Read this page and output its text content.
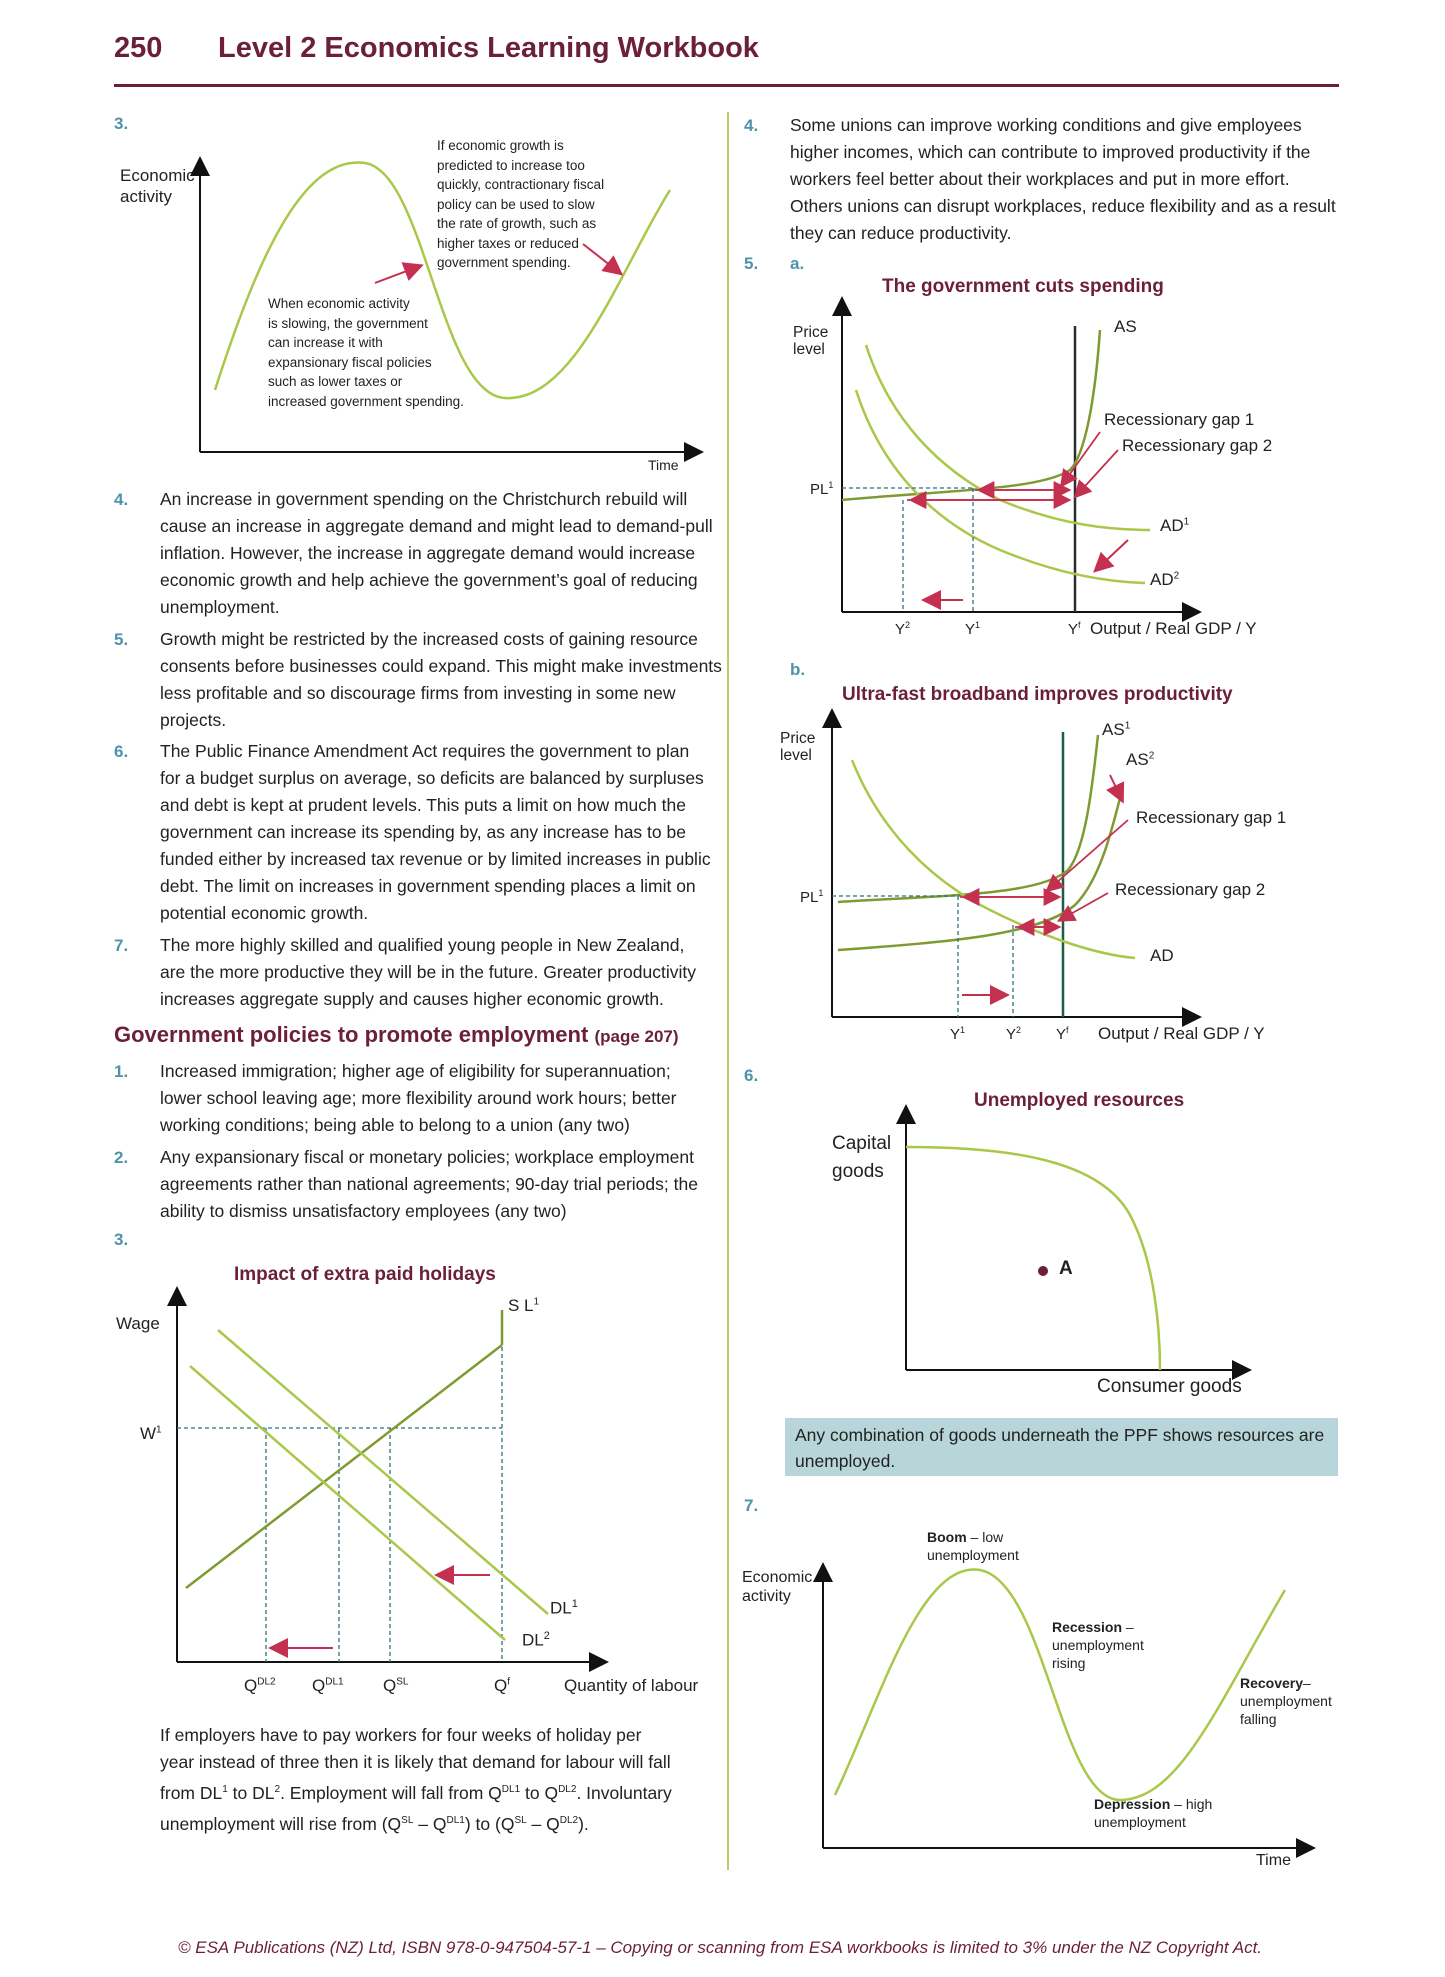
250 Level 2 Economics Learning Workbook
3.
Economic
activity
If economic growth is
predicted to increase too
quickly, contractionary fiscal
policy can be used to slow
the rate of growth, such as
higher taxes or reduced
government spending.
When economic activity
is slowing, the government
can increase it with
expansionary fiscal policies
such as lower taxes or
increased government spending.
Time
4. An increase in government spending on the Christchurch rebuild will
cause an increase in aggregate demand and might lead to demand-pull
inflation. However, the increase in aggregate demand would increase
economic growth and help achieve the government’s goal of reducing
unemployment.
5. Growth might be restricted by the increased costs of gaining resource
consents before businesses could expand. This might make investments
less profitable and so discourage firms from investing in some new
projects.
6. The Public Finance Amendment Act requires the government to plan
for a budget surplus on average, so deficits are balanced by surpluses
and debt is kept at prudent levels. This puts a limit on how much the
government can increase its spending by, as any increase has to be
funded either by increased tax revenue or by limited increases in public
debt. The limit on increases in government spending places a limit on
potential economic growth.
7. The more highly skilled and qualified young people in New Zealand,
are the more productive they will be in the future. Greater productivity
increases aggregate supply and causes higher economic growth.
Government policies to promote employment (page 207)
1. Increased immigration; higher age of eligibility for superannuation;
lower school leaving age; more flexibility around work hours; better
working conditions; being able to belong to a union (any two)
2. Any expansionary fiscal or monetary policies; workplace employment
agreements rather than national agreements; 90-day trial periods; the
ability to dismiss unsatisfactory employees (any two)
3.
Impact of extra paid holidays
Wage
$W^1$
S $L^1$
$DL^1$
$DL^2$
$Q^{DL2}$ $Q^{DL1}$ $Q^{SL}$	$Q^f$	Quantity of labour
If employers have to pay workers for four weeks of holiday per
year instead of three then it is likely that demand for labour will fall
from $DL^1$ to $DL^2$. Employment will fall from $Q^{DL1}$ to $Q^{DL2}$. Involuntary
unemployment will rise from $(Q^{SL} - Q^{DL1})$ to $(Q^{SL} - Q^{DL2})$.
4. Some unions can improve working conditions and give employees
higher incomes, which can contribute to improved productivity if the
workers feel better about their workplaces and put in more effort.
Others unions can disrupt workplaces, reduce flexibility and as a result
they can reduce productivity.
5. a.
The government cuts spending
Price
level
AS
Recessionary gap 1
Recessionary gap 2
$AD^1$
$AD^2$
$PL^1$
$Y^2$	$Y^1$	$Y^f$ Output / Real GDP / Y
b.
Ultra-fast broadband improves productivity
Price
level
$AS^1$
$AS^2$
Recessionary gap 1
Recessionary gap 2
AD
$PL^1$
$Y^1$	$Y^2$ $Y^f$ Output / Real GDP / Y
6.
Unemployed resources
Capital
goods
A
Consumer goods
Any combination of goods underneath the PPF shows resources are unemployed.
7.
Economic
activity
Boom – low
unemployment
Recession –
unemployment
rising
Depression – high
unemployment
Recovery–
unemployment
falling
Time
© ESA Publications (NZ) Ltd, ISBN 978-0-947504-57-1 – Copying or scanning from ESA workbooks is limited to 3% under the NZ Copyright Act.
